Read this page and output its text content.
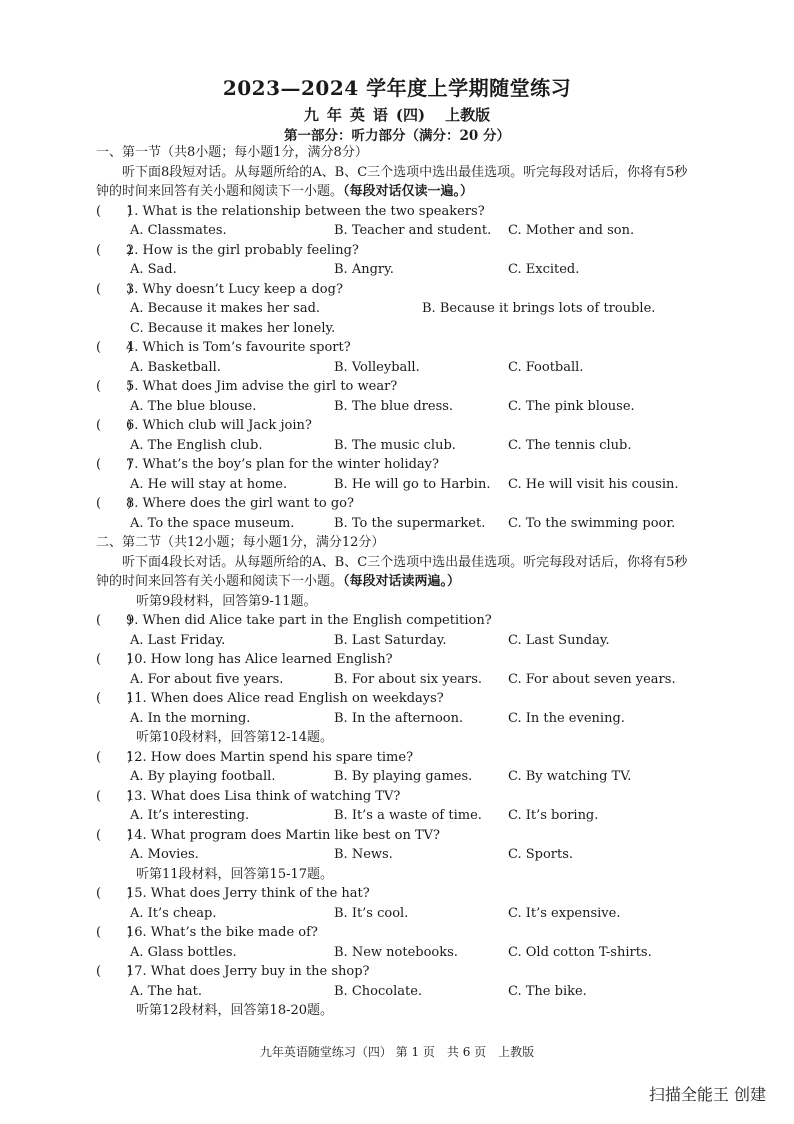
2023—2024 学年度上学期随堂练习
九年英语(四) 上教版
第一部分：听力部分（满分：20 分）
一、第一节（共8小题；每小题1分，满分8分）
听下面8段短对话。从每题所给的A、B、C三个选项中选出最佳选项。听完每段对话后，你将有5秒钟的时间来回答有关小题和阅读下一小题。（每段对话仅读一遍。）
(　　)1. What is the relationship between the two speakers?
A. Classmates.	B. Teacher and student. C. Mother and son.
(　　)2. How is the girl probably feeling?
A. Sad.	B. Angry.	C. Excited.
(　　)3. Why doesn’t Lucy keep a dog?
A. Because it makes her sad.	B. Because it brings lots of trouble.
C. Because it makes her lonely.
(　　)4. Which is Tom’s favourite sport?
A. Basketball.	B. Volleyball.	C. Football.
(　　)5. What does Jim advise the girl to wear?
A. The blue blouse.	B. The blue dress.	C. The pink blouse.
(　　)6. Which club will Jack join?
A. The English club.	B. The music club.	C. The tennis club.
(　　)7. What’s the boy’s plan for the winter holiday?
A. He will stay at home.	B. He will go to Harbin. C. He will visit his cousin.
(　　)8. Where does the girl want to go?
A. To the space museum.	B. To the supermarket. C. To the swimming poor.
二、第二节（共12小题；每小题1分，满分12分）
听下面4段长对话。从每题所给的A、B、C三个选项中选出最佳选项。听完每段对话后，你将有5秒钟的时间来回答有关小题和阅读下一小题。（每段对话读两遍。）
听第9段材料，回答第9-11题。
(　　)9. When did Alice take part in the English competition?
A. Last Friday.	B. Last Saturday.	C. Last Sunday.
(　　)10. How long has Alice learned English?
A. For about five years.	B. For about six years. C. For about seven years.
(　　)11. When does Alice read English on weekdays?
A. In the morning.	B. In the afternoon.	C. In the evening.
听第10段材料，回答第12-14题。
(　　)12. How does Martin spend his spare time?
A. By playing football.	B. By playing games.	C. By watching TV.
(　　)13. What does Lisa think of watching TV?
A. It’s interesting.	B. It’s a waste of time. C. It’s boring.
(　　)14. What program does Martin like best on TV?
A. Movies.	B. News.	C. Sports.
听第11段材料，回答第15-17题。
(　　)15. What does Jerry think of the hat?
A. It’s cheap.	B. It’s cool.	C. It’s expensive.
(　　)16. What’s the bike made of?
A. Glass bottles.	B. New notebooks.	C. Old cotton T-shirts.
(　　)17. What does Jerry buy in the shop?
A. The hat.	B. Chocolate.	C. The bike.
听第12段材料，回答第18-20题。
九年英语随堂练习（四） 第 1 页　共 6 页　上教版
扫描全能王 创建
